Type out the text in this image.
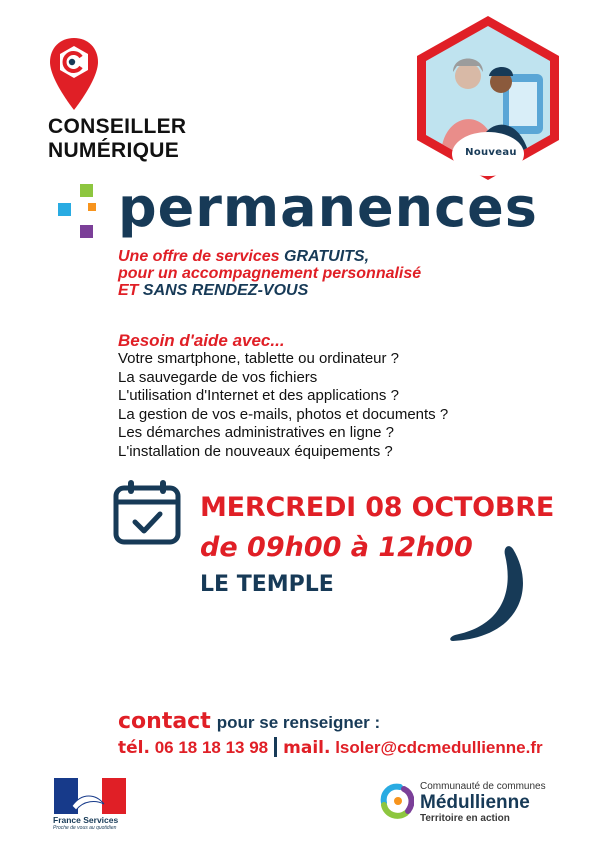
CONSEILLER
NUMÉRIQUE	Nouveau
permanences
Une offre de services GRATUITS,
pour un accompagnement personnalisé
ET SANS RENDEZ-VOUS
Besoin d'aide avec...
Votre smartphone, tablette ou ordinateur ?
La sauvegarde de vos fichiers
L'utilisation d'Internet et des applications ?
La gestion de vos e-mails, photos et documents ?
Les démarches administratives en ligne ?
L'installation de nouveaux équipements ?
MERCREDI 08 OCTOBRE
de 09h00 à 12h00
LE TEMPLE
contact pour se renseigner :
tél. 06 18 18 13 98 mail. lsoler@cdcmedullienne.fr
France Services
Proche de vous au quotidien
Communauté de communes
Médullienne
Territoire en action
